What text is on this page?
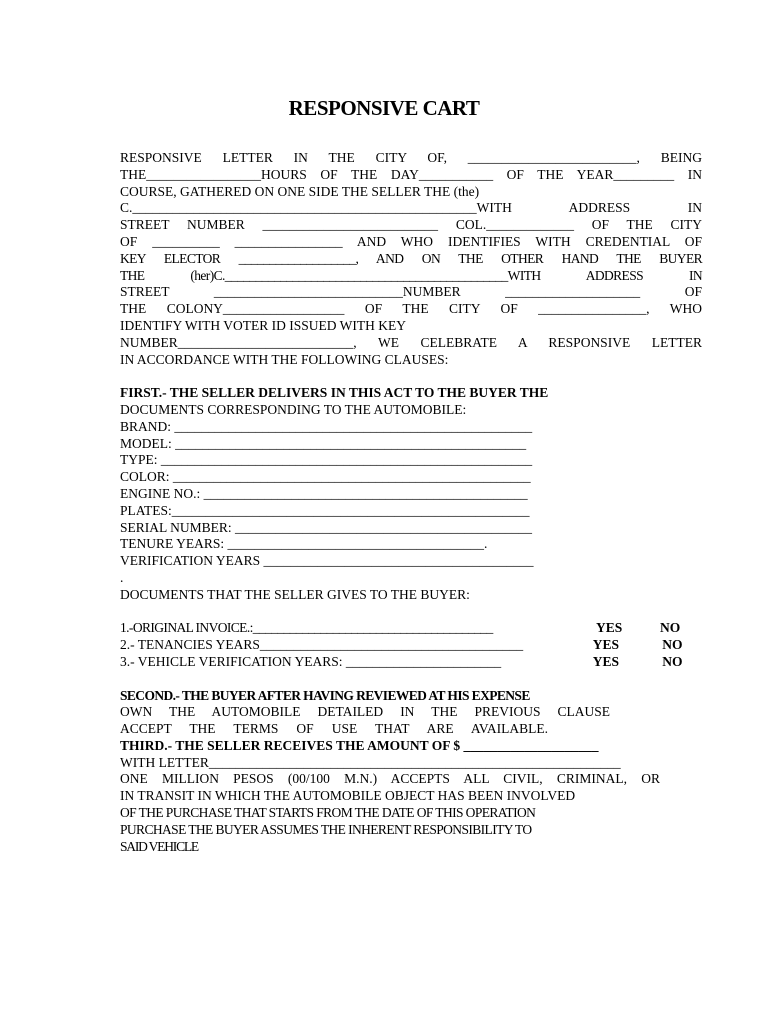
RESPONSIVE CART
RESPONSIVE LETTER IN THE CITY OF, _________________________, BEING
THE_________________HOURS OF THE DAY___________ OF THE YEAR_________ IN
COURSE, GATHERED ON ONE SIDE THE SELLER THE (the)
C.___________________________________________________WITH ADDRESS IN
STREET NUMBER __________________________ COL._____________ OF THE CITY
OF __________ ________________ AND WHO IDENTIFIES WITH CREDENTIAL OF
KEY ELECTOR ___________________, AND ON THE OTHER HAND THE BUYER
THE (her)C.______________________________________________WITH ADDRESS IN
STREET ____________________________NUMBER ____________________ OF
THE COLONY__________________ OF THE CITY OF ________________, WHO
IDENTIFY WITH VOTER ID ISSUED WITH KEY
NUMBER__________________________, WE CELEBRATE A RESPONSIVE LETTER
IN ACCORDANCE WITH THE FOLLOWING CLAUSES:
FIRST.- THE SELLER DELIVERS IN THIS ACT TO THE BUYER THE
DOCUMENTS CORRESPONDING TO THE AUTOMOBILE:
BRAND: _____________________________________________________
MODEL: ____________________________________________________
TYPE: _______________________________________________________
COLOR: _____________________________________________________
ENGINE NO.: ________________________________________________
PLATES:_____________________________________________________
SERIAL NUMBER: ____________________________________________
TENURE YEARS: ______________________________________.
VERIFICATION YEARS ________________________________________
.
DOCUMENTS THAT THE SELLER GIVES TO THE BUYER:
1.-ORIGINAL INVOICE.:_______________________________________	YES	NO
2.- TENANCIES YEARS_______________________________________	YES	NO
3.- VEHICLE VERIFICATION YEARS: _______________________	YES	NO
SECOND.- THE BUYER AFTER HAVING REVIEWED AT HIS EXPENSE
OWN THE AUTOMOBILE DETAILED IN THE PREVIOUS CLAUSE
ACCEPT THE TERMS OF USE THAT ARE AVAILABLE.
THIRD.- THE SELLER RECEIVES THE AMOUNT OF $ ____________________
WITH LETTER_____________________________________________________________
ONE MILLION PESOS (00/100 M.N.) ACCEPTS ALL CIVIL, CRIMINAL, OR
IN TRANSIT IN WHICH THE AUTOMOBILE OBJECT HAS BEEN INVOLVED
OF THE PURCHASE THAT STARTS FROM THE DATE OF THIS OPERATION
PURCHASE THE BUYER ASSUMES THE INHERENT RESPONSIBILITY TO
SAID VEHICLE
